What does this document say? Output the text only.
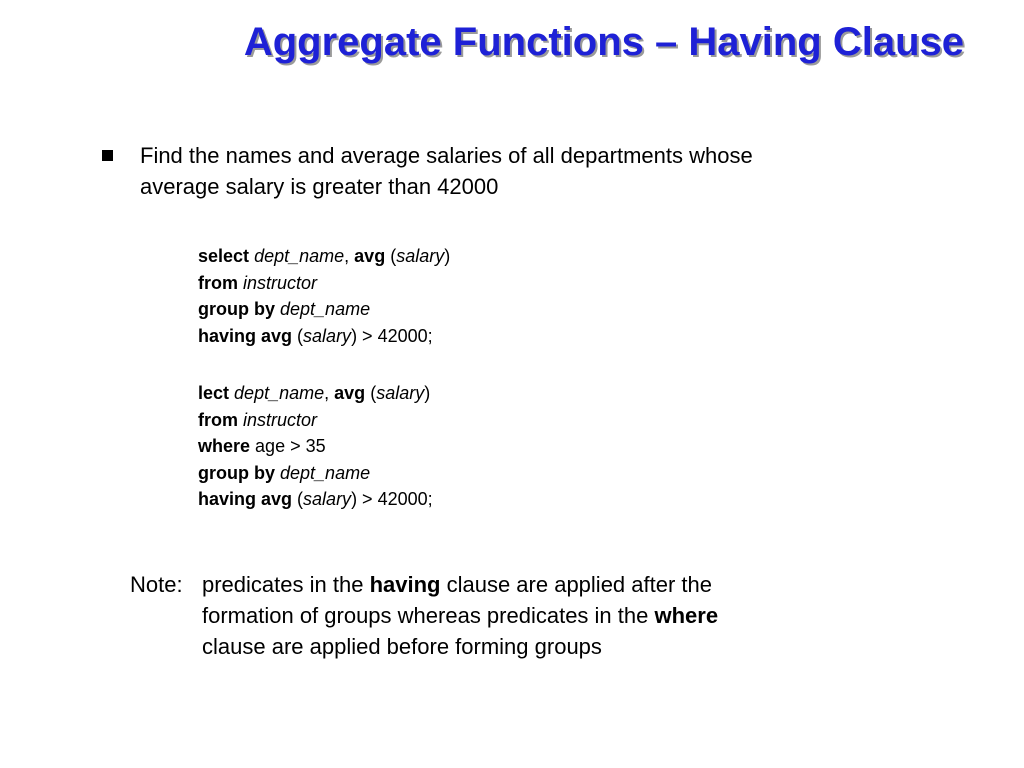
Aggregate Functions – Having Clause
Find the names and average salaries of all departments whose
average salary is greater than 42000
select dept_name, avg (salary)
from instructor
group by dept_name
having avg (salary) > 42000;
lect dept_name, avg (salary)
from instructor
where age > 35
group by dept_name
having avg (salary) > 42000;
Note: predicates in the having clause are applied after the
formation of groups whereas predicates in the where
clause are applied before forming groups
